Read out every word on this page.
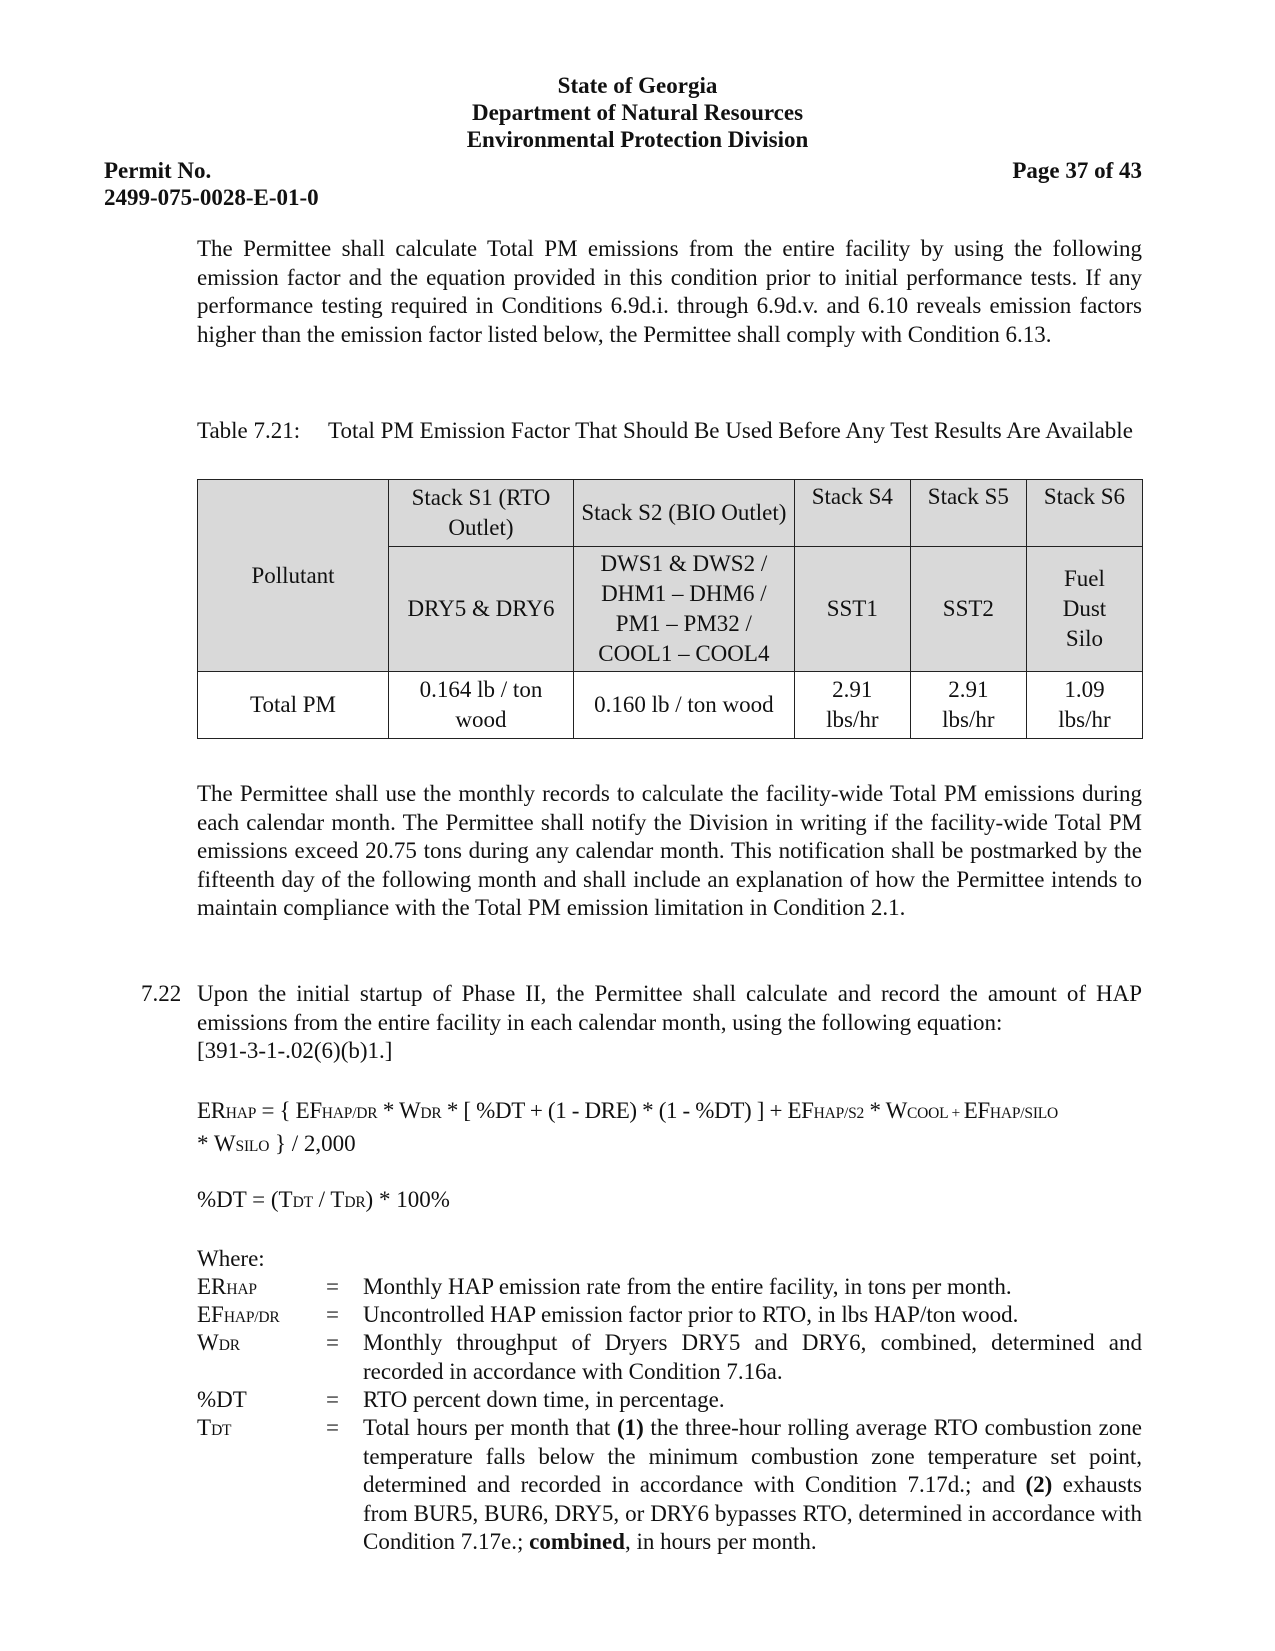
State of Georgia
Department of Natural Resources
Environmental Protection Division
Permit No.
2499-075-0028-E-01-0
Page 37 of 43

The Permittee shall calculate Total PM emissions from the entire facility by using the following emission factor and the equation provided in this condition prior to initial performance tests. If any performance testing required in Conditions 6.9d.i. through 6.9d.v. and 6.10 reveals emission factors higher than the emission factor listed below, the Permittee shall comply with Condition 6.13.

Table 7.21: Total PM Emission Factor That Should Be Used Before Any Test Results Are Available
Pollutant	Stack S1 (RTO Outlet)	Stack S2 (BIO Outlet)	Stack S4	Stack S5	Stack S6
	DRY5 & DRY6	DWS1 & DWS2 / DHM1 – DHM6 / PM1 – PM32 / COOL1 – COOL4	SST1	SST2	Fuel Dust Silo
Total PM	0.164 lb / ton wood	0.160 lb / ton wood	2.91 lbs/hr	2.91 lbs/hr	1.09 lbs/hr

The Permittee shall use the monthly records to calculate the facility-wide Total PM emissions during each calendar month. The Permittee shall notify the Division in writing if the facility-wide Total PM emissions exceed 20.75 tons during any calendar month. This notification shall be postmarked by the fifteenth day of the following month and shall include an explanation of how the Permittee intends to maintain compliance with the Total PM emission limitation in Condition 2.1.

7.22 Upon the initial startup of Phase II, the Permittee shall calculate and record the amount of HAP emissions from the entire facility in each calendar month, using the following equation:

[391-3-1-.02(6)(b)1.]

ERHAP = { EFHAP/DR * WDR * [ %DT + (1 - DRE) * (1 - %DT) ] + EFHAP/S2 * WCOOL + EFHAP/SILO
* WSILO } / 2,000
%DT = (TDT / TDR) * 100%
Where:
ERHAP	= Monthly HAP emission rate from the entire facility, in tons per month.
EFHAP/DR = Uncontrolled HAP emission factor prior to RTO, in lbs HAP/ton wood.
WDR	= Monthly throughput of Dryers DRY5 and DRY6, combined, determined and recorded in accordance with Condition 7.16a.
%DT	= RTO percent down time, in percentage.
TDT	= Total hours per month that (1) the three-hour rolling average RTO combustion zone temperature falls below the minimum combustion zone temperature set point, determined and recorded in accordance with Condition 7.17d.; and (2) exhausts from BUR5, BUR6, DRY5, or DRY6 bypasses RTO, determined in accordance with Condition 7.17e.; combined, in hours per month.
